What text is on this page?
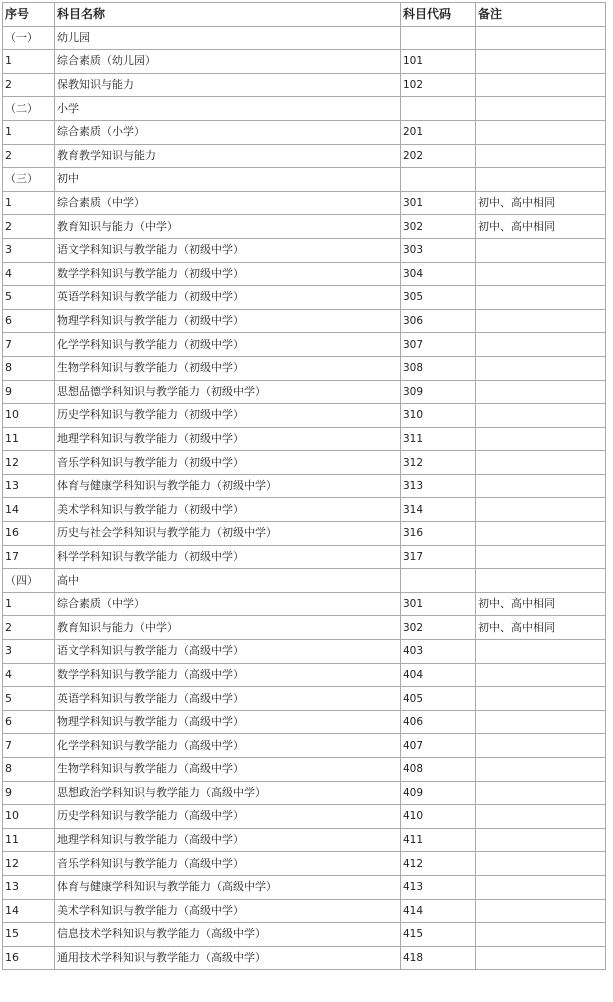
序号	科目名称	科目代码	备注
（一）	幼儿园		
1	综合素质（幼儿园）	101	
2	保教知识与能力	102	
（二）	小学		
1	综合素质（小学）	201	
2	教育教学知识与能力	202	
（三）	初中		
1	综合素质（中学）	301	初中、高中相同
2	教育知识与能力（中学）	302	初中、高中相同
3	语文学科知识与教学能力（初级中学）	303	
4	数学学科知识与教学能力（初级中学）	304	
5	英语学科知识与教学能力（初级中学）	305	
6	物理学科知识与教学能力（初级中学）	306	
7	化学学科知识与教学能力（初级中学）	307	
8	生物学科知识与教学能力（初级中学）	308	
9	思想品德学科知识与教学能力（初级中学）	309	
10	历史学科知识与教学能力（初级中学）	310	
11	地理学科知识与教学能力（初级中学）	311	
12	音乐学科知识与教学能力（初级中学）	312	
13	体育与健康学科知识与教学能力（初级中学）	313	
14	美术学科知识与教学能力（初级中学）	314	
16	历史与社会学科知识与教学能力（初级中学）	316	
17	科学学科知识与教学能力（初级中学）	317	
（四）	高中		
1	综合素质（中学）	301	初中、高中相同
2	教育知识与能力（中学）	302	初中、高中相同
3	语文学科知识与教学能力（高级中学）	403	
4	数学学科知识与教学能力（高级中学）	404	
5	英语学科知识与教学能力（高级中学）	405	
6	物理学科知识与教学能力（高级中学）	406	
7	化学学科知识与教学能力（高级中学）	407	
8	生物学科知识与教学能力（高级中学）	408	
9	思想政治学科知识与教学能力（高级中学）	409	
10	历史学科知识与教学能力（高级中学）	410	
11	地理学科知识与教学能力（高级中学）	411	
12	音乐学科知识与教学能力（高级中学）	412	
13	体育与健康学科知识与教学能力（高级中学）	413	
14	美术学科知识与教学能力（高级中学）	414	
15	信息技术学科知识与教学能力（高级中学）	415	
16	通用技术学科知识与教学能力（高级中学）	418	
